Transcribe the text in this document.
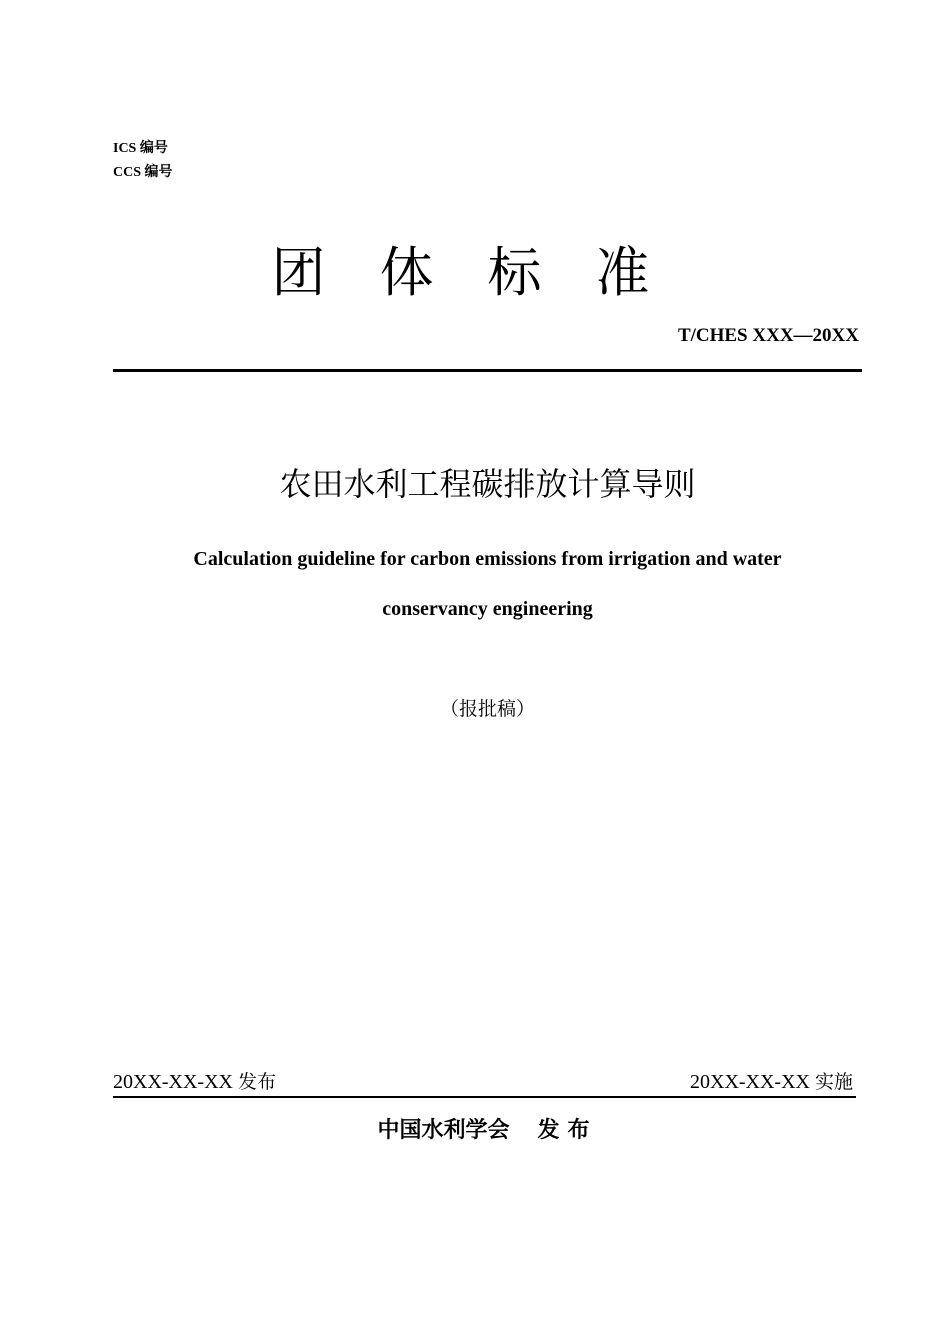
ICS 编号
CCS 编号
团体标准
T/CHES XXX—20XX
农田水利工程碳排放计算导则
Calculation guideline for carbon emissions from irrigation and water
conservancy engineering
（报批稿）
20XX-XX-XX 发布	20XX-XX-XX 实施
中国水利学会 发布
